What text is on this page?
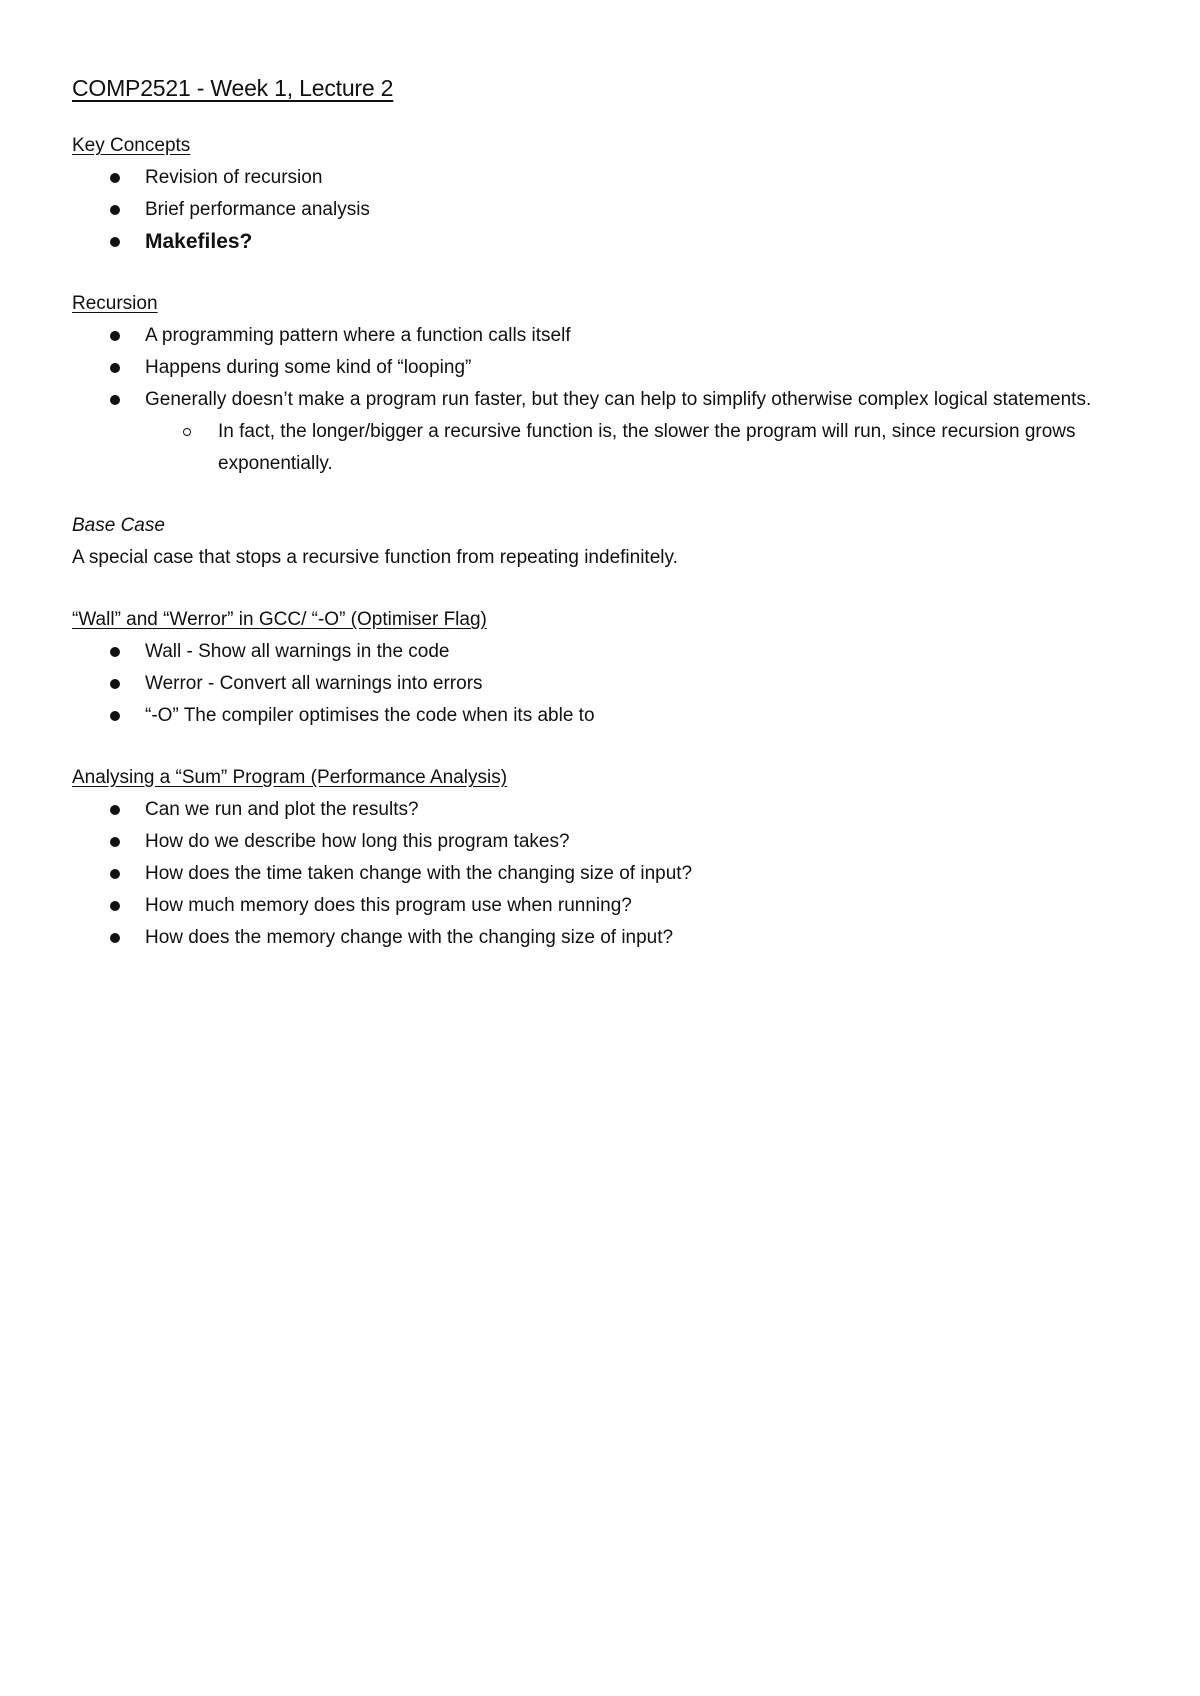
COMP2521 - Week 1, Lecture 2
Key Concepts
Revision of recursion
Brief performance analysis
Makefiles?
Recursion
A programming pattern where a function calls itself
Happens during some kind of “looping”
Generally doesn’t make a program run faster, but they can help to simplify otherwise complex logical statements.
In fact, the longer/bigger a recursive function is, the slower the program will run, since recursion grows exponentially.
Base Case
A special case that stops a recursive function from repeating indefinitely.
“Wall” and “Werror” in GCC/ “-O” (Optimiser Flag)
Wall - Show all warnings in the code
Werror - Convert all warnings into errors
“-O” The compiler optimises the code when its able to
Analysing a “Sum” Program (Performance Analysis)
Can we run and plot the results?
How do we describe how long this program takes?
How does the time taken change with the changing size of input?
How much memory does this program use when running?
How does the memory change with the changing size of input?
